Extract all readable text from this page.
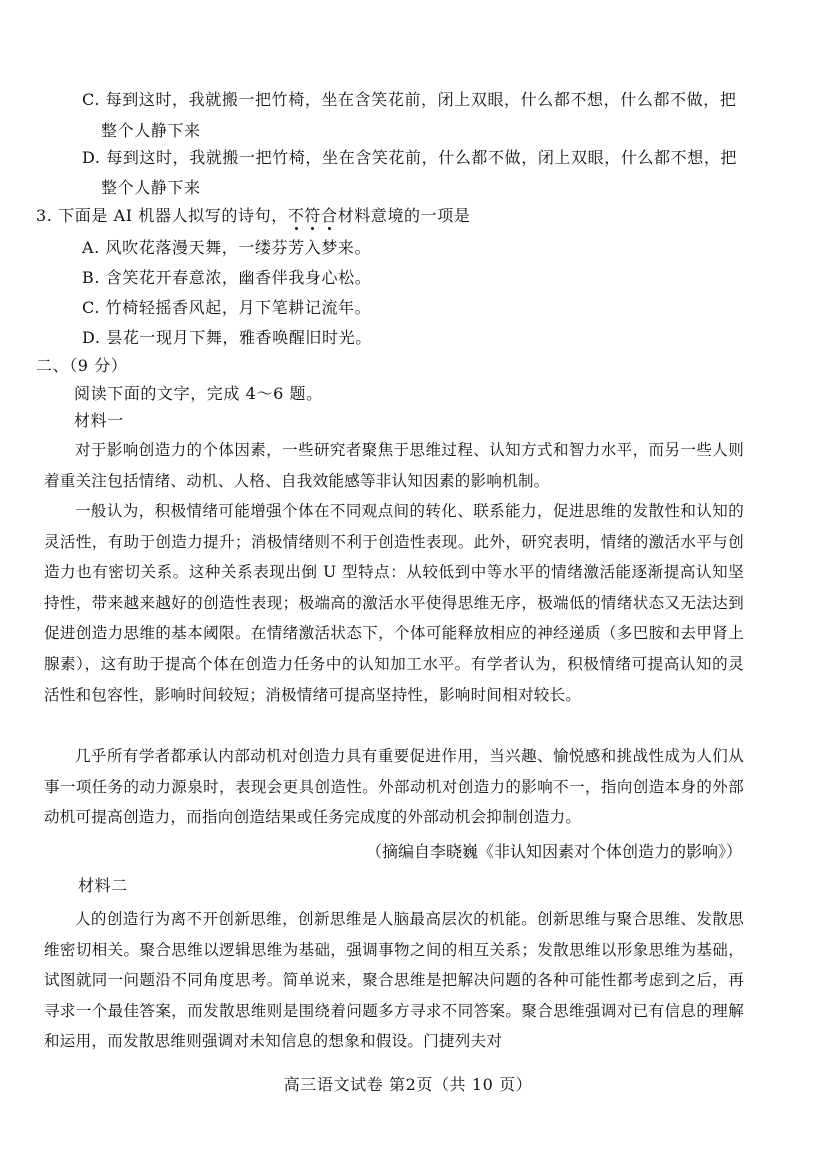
C. 每到这时，我就搬一把竹椅，坐在含笑花前，闭上双眼，什么都不想，什么都不做，把
整个人静下来
D. 每到这时，我就搬一把竹椅，坐在含笑花前，什么都不做，闭上双眼，什么都不想，把
整个人静下来
3. 下面是 AI 机器人拟写的诗句，不符合材料意境的一项是
A. 风吹花落漫天舞，一缕芬芳入梦来。
B. 含笑花开春意浓，幽香伴我身心松。
C. 竹椅轻摇香风起，月下笔耕记流年。
D. 昙花一现月下舞，雅香唤醒旧时光。
二、（9 分）
阅读下面的文字，完成 4～6 题。
材料一
对于影响创造力的个体因素，一些研究者聚焦于思维过程、认知方式和智力水平，而另一些人则着重关注包括情绪、动机、人格、自我效能感等非认知因素的影响机制。
一般认为，积极情绪可能增强个体在不同观点间的转化、联系能力，促进思维的发散性和认知的灵活性，有助于创造力提升；消极情绪则不利于创造性表现。此外，研究表明，情绪的激活水平与创造力也有密切关系。这种关系表现出倒 U 型特点：从较低到中等水平的情绪激活能逐渐提高认知坚持性，带来越来越好的创造性表现；极端高的激活水平使得思维无序，极端低的情绪状态又无法达到促进创造力思维的基本阈限。在情绪激活状态下，个体可能释放相应的神经递质（多巴胺和去甲肾上腺素），这有助于提高个体在创造力任务中的认知加工水平。有学者认为，积极情绪可提高认知的灵活性和包容性，影响时间较短；消极情绪可提高坚持性，影响时间相对较长。
几乎所有学者都承认内部动机对创造力具有重要促进作用，当兴趣、愉悦感和挑战性成为人们从事一项任务的动力源泉时，表现会更具创造性。外部动机对创造力的影响不一，指向创造本身的外部动机可提高创造力，而指向创造结果或任务完成度的外部动机会抑制创造力。
（摘编自李晓巍《非认知因素对个体创造力的影响》）
材料二
人的创造行为离不开创新思维，创新思维是人脑最高层次的机能。创新思维与聚合思维、发散思维密切相关。聚合思维以逻辑思维为基础，强调事物之间的相互关系；发散思维以形象思维为基础，试图就同一问题沿不同角度思考。简单说来，聚合思维是把解决问题的各种可能性都考虑到之后，再寻求一个最佳答案，而发散思维则是围绕着问题多方寻求不同答案。聚合思维强调对已有信息的理解和运用，而发散思维则强调对未知信息的想象和假设。门捷列夫对
高三语文试卷 第2页（共 10 页）
